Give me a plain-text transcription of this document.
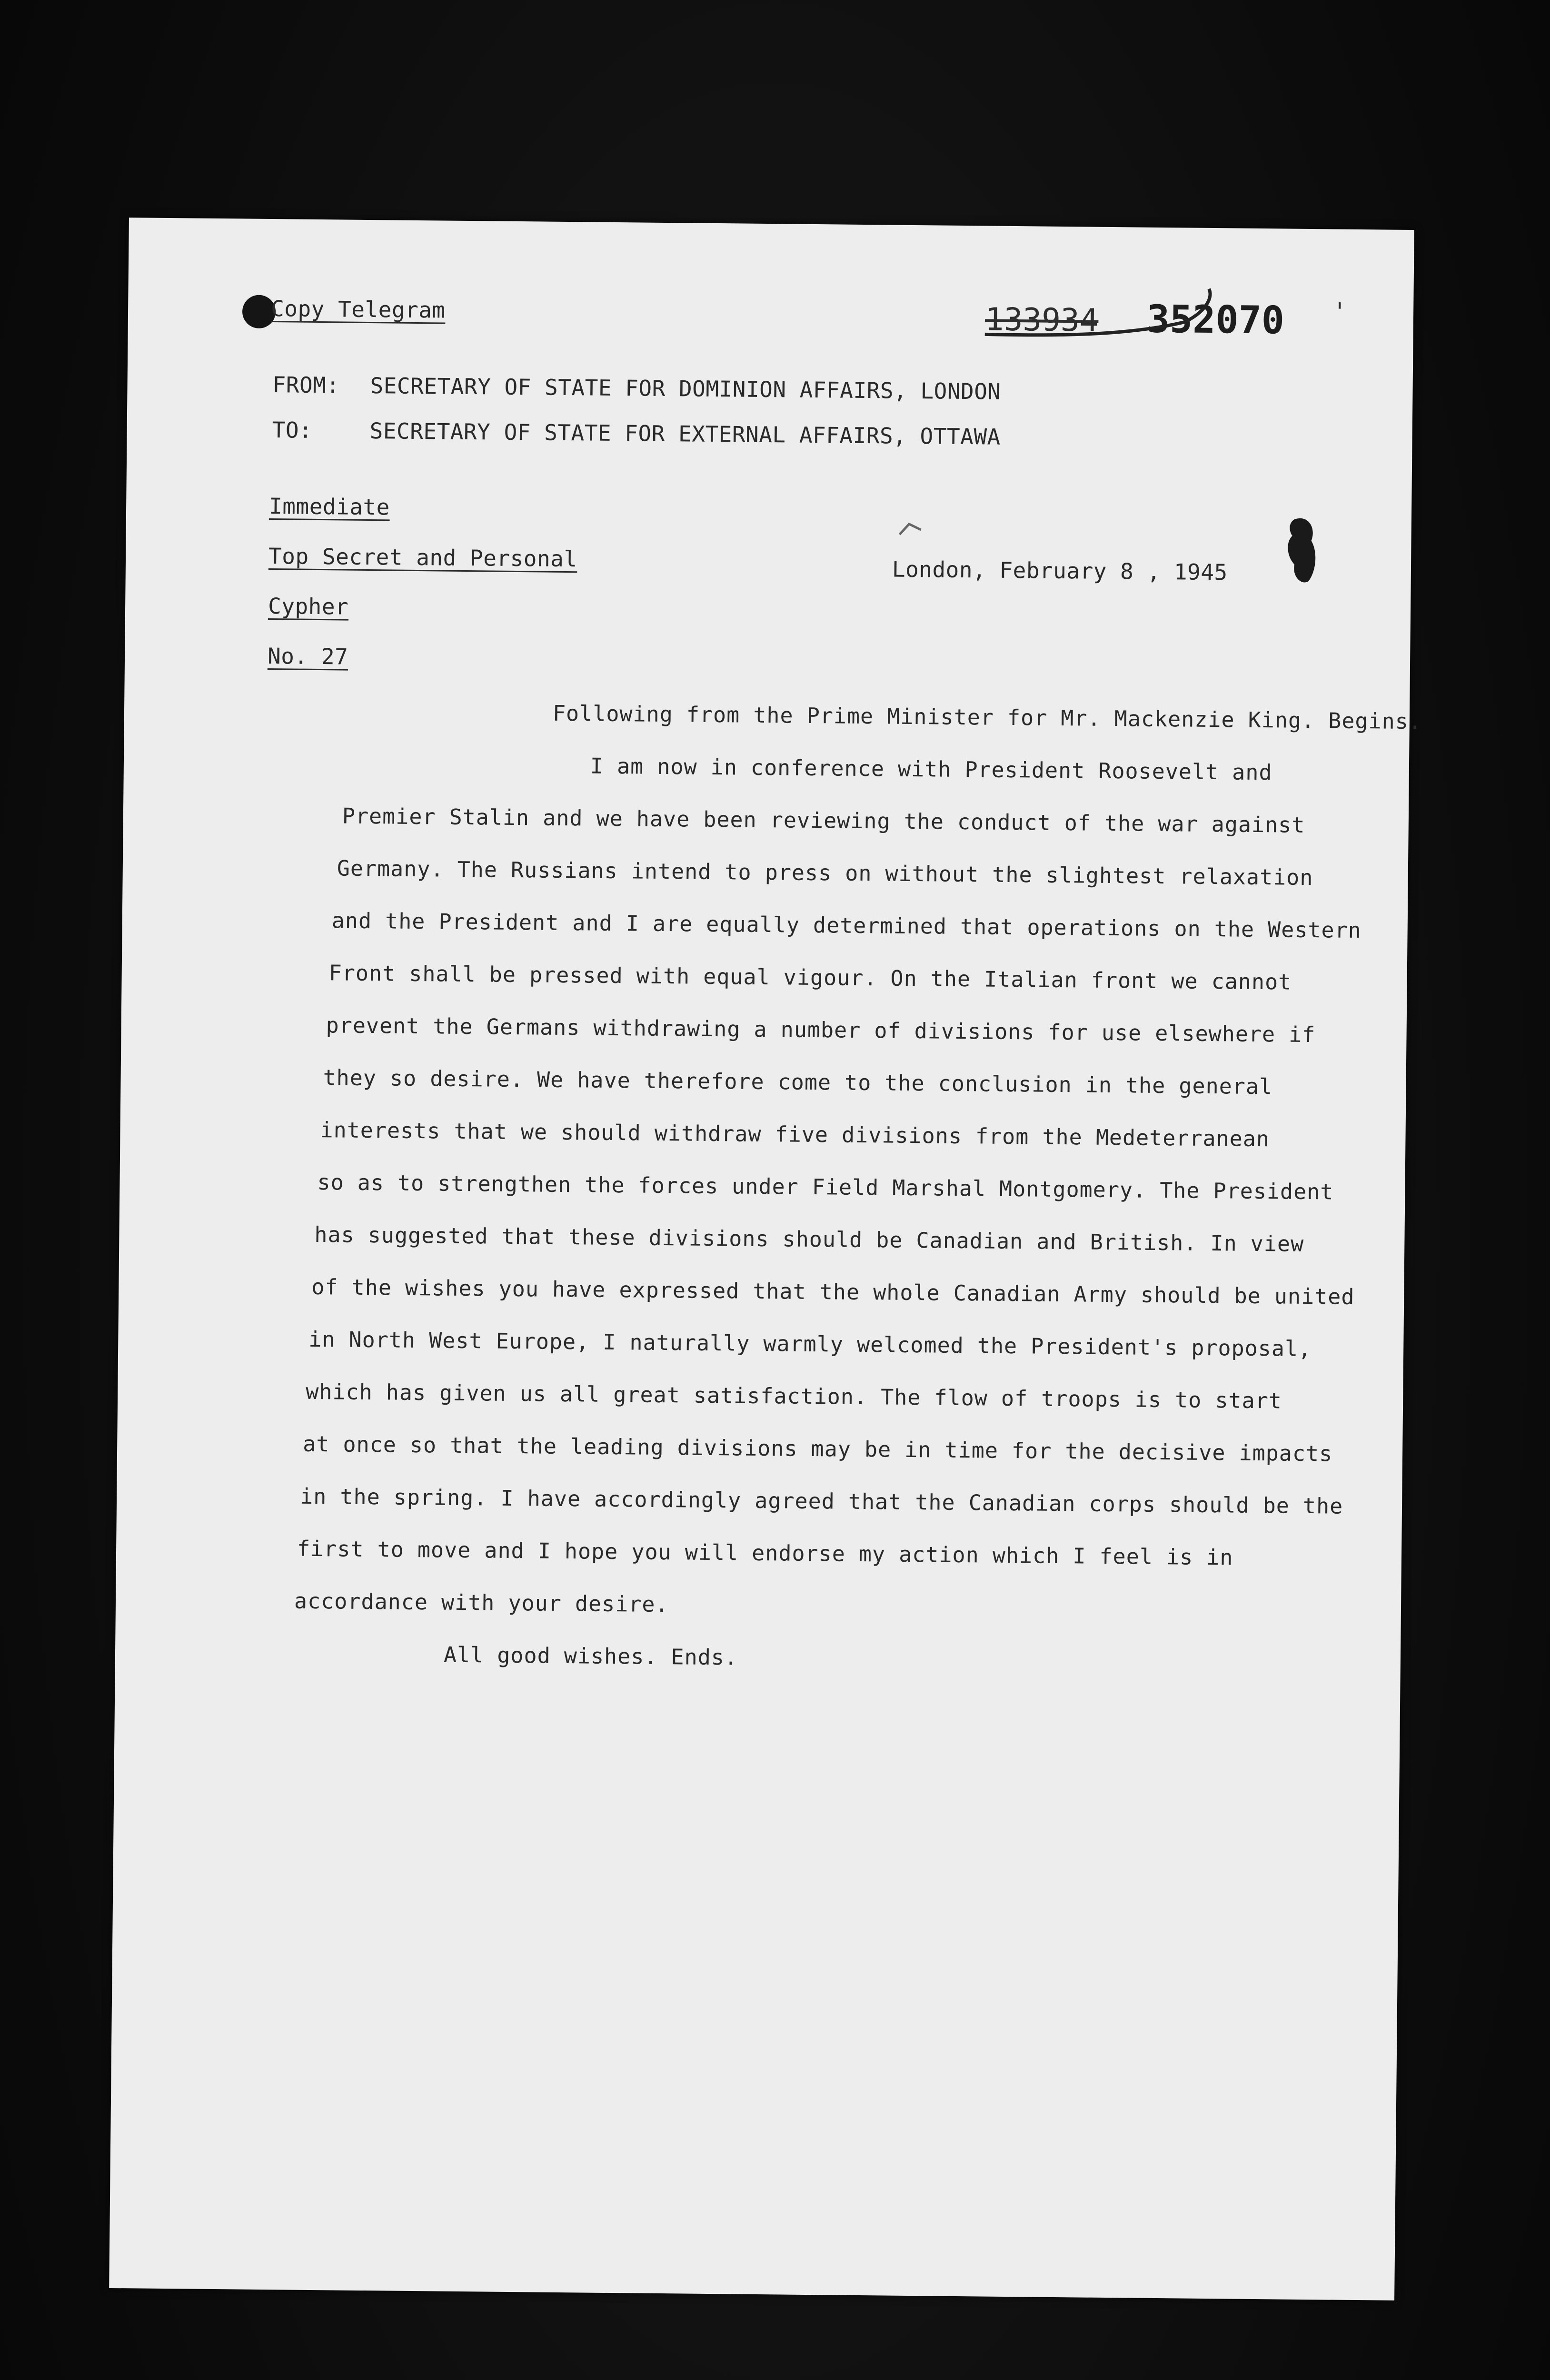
Copy Telegram	133934 352070 '
FROM: SECRETARY OF STATE FOR DOMINION AFFAIRS, LONDON
TO:	SECRETARY OF STATE FOR EXTERNAL AFFAIRS, OTTAWA
Immediate
Top Secret and Personal
Cypher
No. 27
London, February 8 , 1945
Following from the Prime Minister for Mr. Mackenzie King. Begins.
I am now in conference with President Roosevelt and
Premier Stalin and we have been reviewing the conduct of the war against
Germany. The Russians intend to press on without the slightest relaxation
and the President and I are equally determined that operations on the Western
Front shall be pressed with equal vigour. On the Italian front we cannot
prevent the Germans withdrawing a number of divisions for use elsewhere if
they so desire. We have therefore come to the conclusion in the general
interests that we should withdraw five divisions from the Medeterranean
so as to strengthen the forces under Field Marshal Montgomery. The President
has suggested that these divisions should be Canadian and British. In view
of the wishes you have expressed that the whole Canadian Army should be united
in North West Europe, I naturally warmly welcomed the President's proposal,
which has given us all great satisfaction. The flow of troops is to start
at once so that the leading divisions may be in time for the decisive impacts
in the spring. I have accordingly agreed that the Canadian corps should be the
first to move and I hope you will endorse my action which I feel is in
accordance with your desire.
All good wishes. Ends.
